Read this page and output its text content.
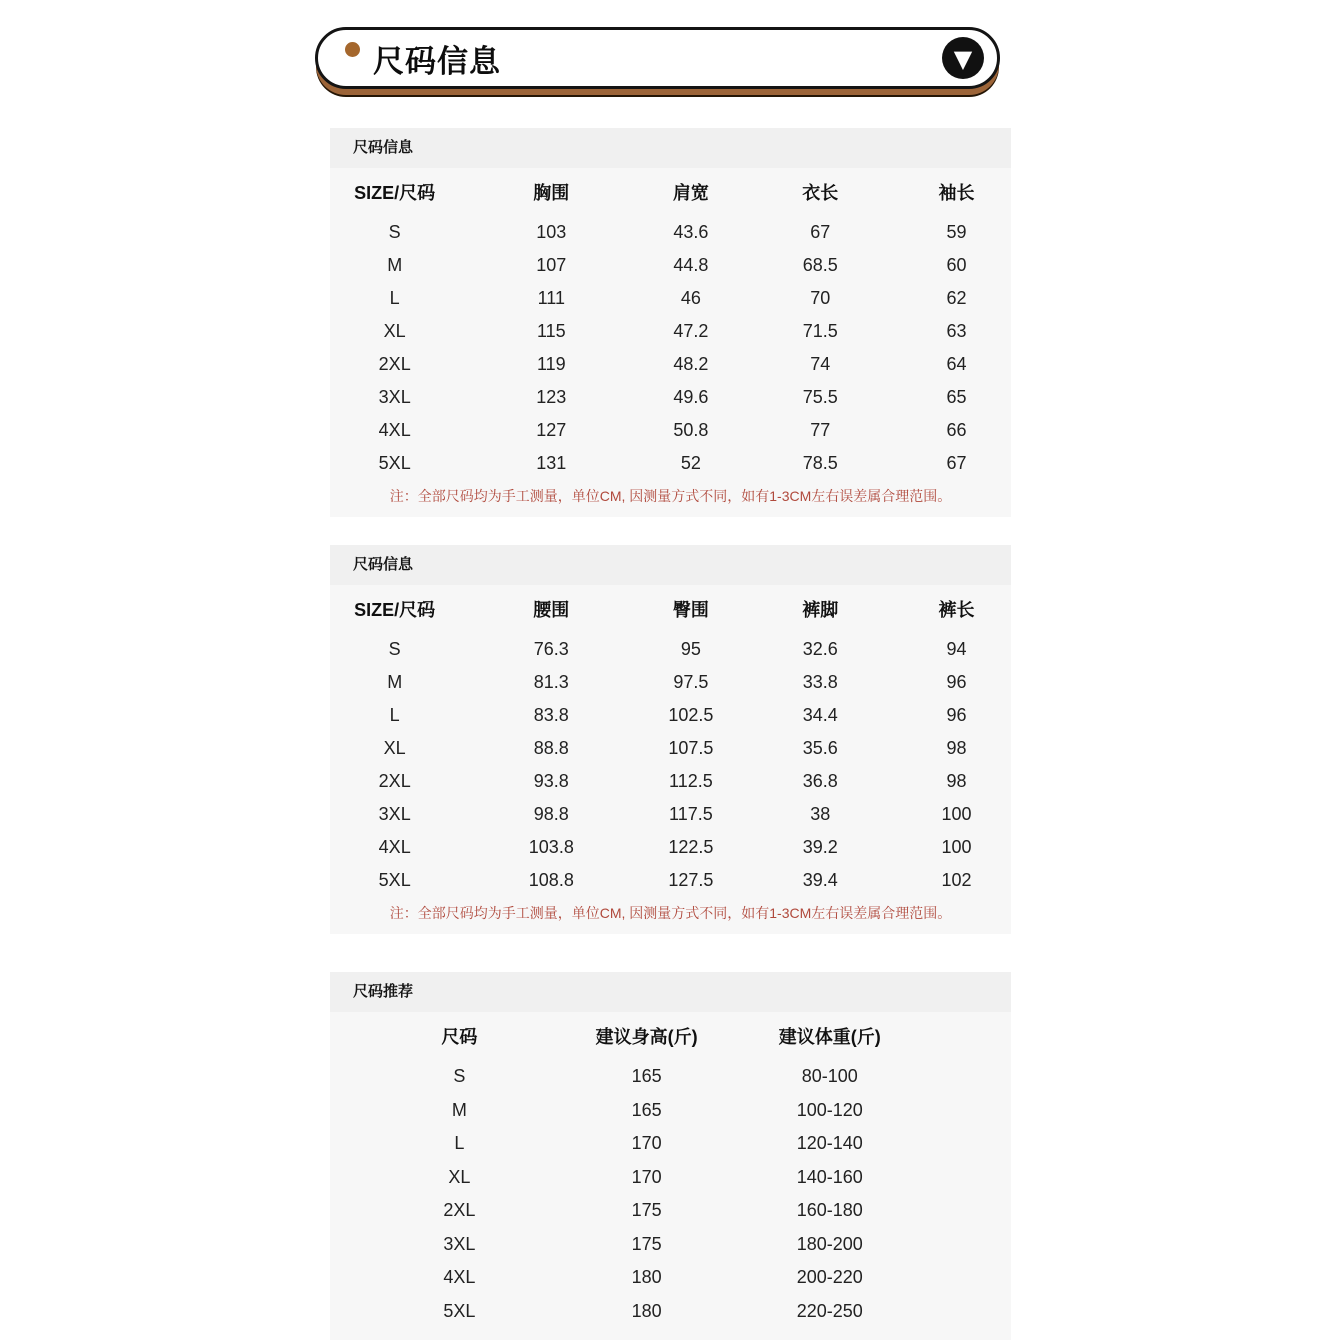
尺码信息	▼
尺码信息
SIZE/尺码	胸围	肩宽	衣长	袖长
S	103	43.6	67	59
M	107	44.8	68.5	60
L	111	46	70	62
XL	115	47.2	71.5	63
2XL	119	48.2	74	64
3XL	123	49.6	75.5	65
4XL	127	50.8	77	66
5XL	131	52	78.5	67
注：全部尺码均为手工测量，单位CM, 因测量方式不同，如有1-3CM左右误差属合理范围。
尺码信息
SIZE/尺码	腰围	臀围	裤脚	裤长
S	76.3	95	32.6	94
M	81.3	97.5	33.8	96
L	83.8	102.5	34.4	96
XL	88.8	107.5	35.6	98
2XL	93.8	112.5	36.8	98
3XL	98.8	117.5	38	100
4XL	103.8	122.5	39.2	100
5XL	108.8	127.5	39.4	102
注：全部尺码均为手工测量，单位CM, 因测量方式不同，如有1-3CM左右误差属合理范围。
尺码推荐
尺码	建议身高(斤)	建议体重(斤)
S	165	80-100
M	165	100-120
L	170	120-140
XL	170	140-160
2XL	175	160-180
3XL	175	180-200
4XL	180	200-220
5XL	180	220-250
